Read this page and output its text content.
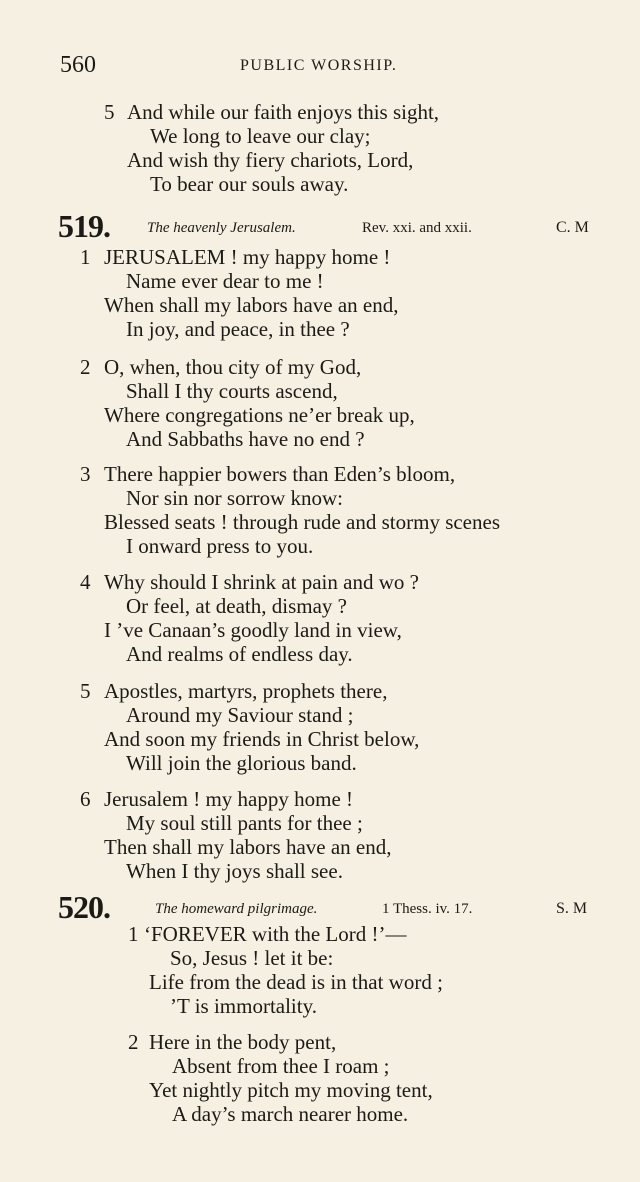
560	PUBLIC WORSHIP.
5 And while our faith enjoys this sight,
We long to leave our clay;
And wish thy fiery chariots, Lord,
To bear our souls away.
519. The heavenly Jerusalem.	Rev. xxi. and xxii.	C. M
1 JERUSALEM ! my happy home !
Name ever dear to me !
When shall my labors have an end,
In joy, and peace, in thee ?
2 O, when, thou city of my God,
Shall I thy courts ascend,
Where congregations ne’er break up,
And Sabbaths have no end ?
3 There happier bowers than Eden’s bloom,
Nor sin nor sorrow know:
Blessed seats ! through rude and stormy scenes
I onward press to you.
4 Why should I shrink at pain and wo ?
Or feel, at death, dismay ?
I ’ve Canaan’s goodly land in view,
And realms of endless day.
5 Apostles, martyrs, prophets there,
Around my Saviour stand ;
And soon my friends in Christ below,
Will join the glorious band.
6 Jerusalem ! my happy home !
My soul still pants for thee ;
Then shall my labors have an end,
When I thy joys shall see.
520.	The homeward pilgrimage.	1 Thess. iv. 17.	S. M
1 ‘FOREVER with the Lord !’—
So, Jesus ! let it be:
Life from the dead is in that word ;
’T is immortality.
2 Here in the body pent,
Absent from thee I roam ;
Yet nightly pitch my moving tent,
A day’s march nearer home.
